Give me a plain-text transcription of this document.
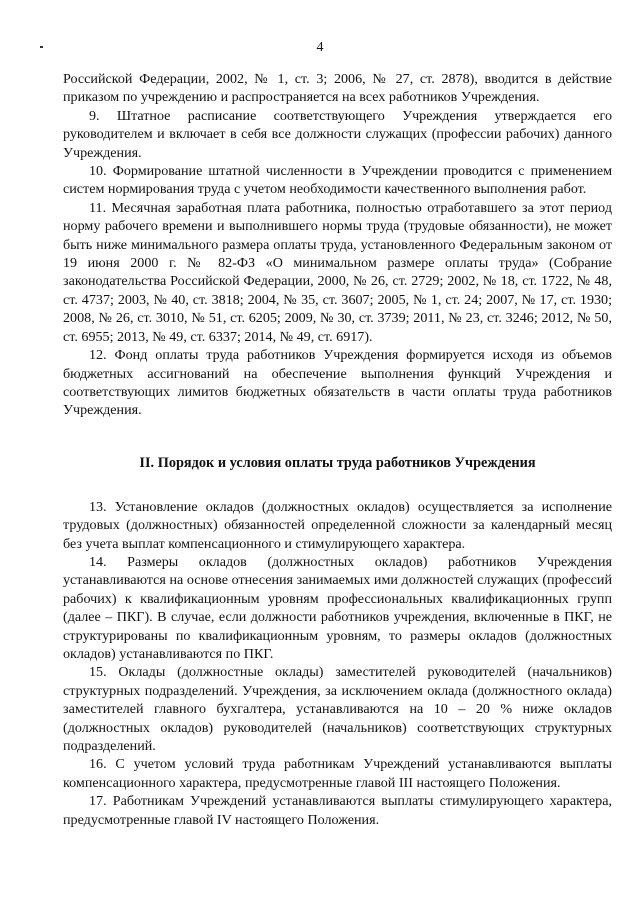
4

Российской Федерации, 2002, № 1, ст. 3; 2006, № 27, ст. 2878), вводится в действие приказом по учреждению и распространяется на всех работников Учреждения.

9. Штатное расписание соответствующего Учреждения утверждается его руководителем и включает в себя все должности служащих (профессии рабочих) данного Учреждения.

10. Формирование штатной численности в Учреждении проводится с применением систем нормирования труда с учетом необходимости качественного выполнения работ.

11. Месячная заработная плата работника, полностью отработавшего за этот период норму рабочего времени и выполнившего нормы труда (трудовые обязанности), не может быть ниже минимального размера оплаты труда, установленного Федеральным законом от 19 июня 2000 г. № 82-ФЗ «О минимальном размере оплаты труда» (Собрание законодательства Российской Федерации, 2000, № 26, ст. 2729; 2002, № 18, ст. 1722, № 48, ст. 4737; 2003, № 40, ст. 3818; 2004, № 35, ст. 3607; 2005, № 1, ст. 24; 2007, № 17, ст. 1930; 2008, № 26, ст. 3010, № 51, ст. 6205; 2009, № 30, ст. 3739; 2011, № 23, ст. 3246; 2012, № 50, ст. 6955; 2013, № 49, ст. 6337; 2014, № 49, ст. 6917).

12. Фонд оплаты труда работников Учреждения формируется исходя из объемов бюджетных ассигнований на обеспечение выполнения функций Учреждения и соответствующих лимитов бюджетных обязательств в части оплаты труда работников Учреждения.

II. Порядок и условия оплаты труда работников Учреждения

13. Установление окладов (должностных окладов) осуществляется за исполнение трудовых (должностных) обязанностей определенной сложности за календарный месяц без учета выплат компенсационного и стимулирующего характера.

14. Размеры окладов (должностных окладов) работников Учреждения устанавливаются на основе отнесения занимаемых ими должностей служащих (профессий рабочих) к квалификационным уровням профессиональных квалификационных групп (далее – ПКГ). В случае, если должности работников учреждения, включенные в ПКГ, не структурированы по квалификационным уровням, то размеры окладов (должностных окладов) устанавливаются по ПКГ.

15. Оклады (должностные оклады) заместителей руководителей (начальников) структурных подразделений. Учреждения, за исключением оклада (должностного оклада) заместителей главного бухгалтера, устанавливаются на 10 – 20 % ниже окладов (должностных окладов) руководителей (начальников) соответствующих структурных подразделений.

16. С учетом условий труда работникам Учреждений устанавливаются выплаты компенсационного характера, предусмотренные главой III настоящего Положения.

17. Работникам Учреждений устанавливаются выплаты стимулирующего характера, предусмотренные главой IV настоящего Положения.
